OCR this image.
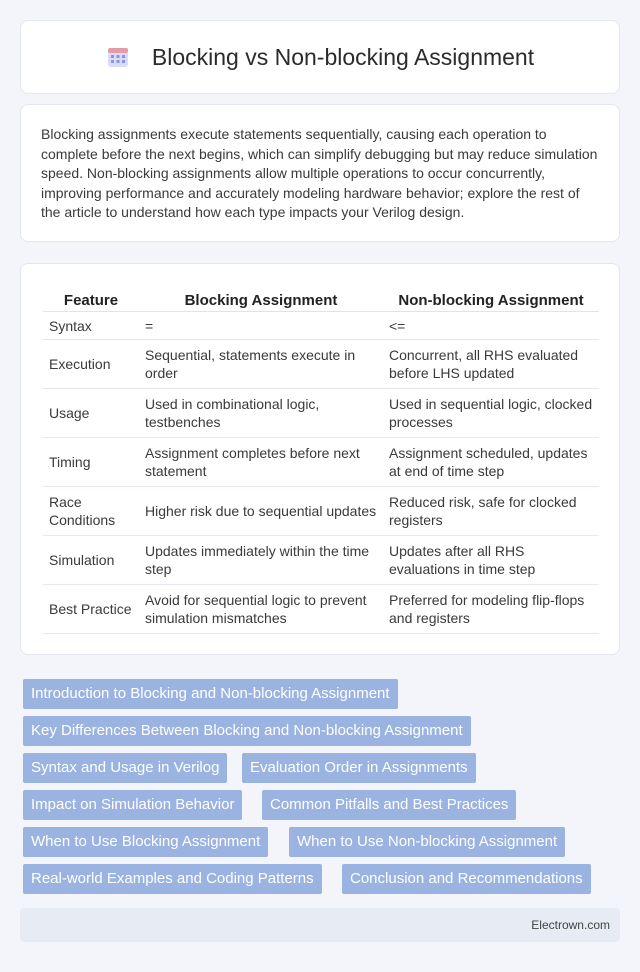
Blocking vs Non-blocking Assignment

Blocking assignments execute statements sequentially, causing each operation to complete before the next begins, which can simplify debugging but may reduce simulation speed. Non-blocking assignments allow multiple operations to occur concurrently, improving performance and accurately modeling hardware behavior; explore the rest of the article to understand how each type impacts your Verilog design.

Feature	Blocking Assignment	Non-blocking Assignment
Syntax	=	<=
Execution	Sequential, statements execute in order	Concurrent, all RHS evaluated before LHS updated
Usage	Used in combinational logic, testbenches	Used in sequential logic, clocked processes
Timing	Assignment completes before next statement	Assignment scheduled, updates at end of time step
Race Conditions	Higher risk due to sequential updates	Reduced risk, safe for clocked registers
Simulation	Updates immediately within the time step	Updates after all RHS evaluations in time step
Best Practice	Avoid for sequential logic to prevent simulation mismatches	Preferred for modeling flip-flops and registers
Introduction to Blocking and Non-blocking Assignment
Key Differences Between Blocking and Non-blocking Assignment
Syntax and Usage in Verilog	Evaluation Order in Assignments
Impact on Simulation Behavior	Common Pitfalls and Best Practices
When to Use Blocking Assignment	When to Use Non-blocking Assignment
Real-world Examples and Coding Patterns	Conclusion and Recommendations
Electrown.com
